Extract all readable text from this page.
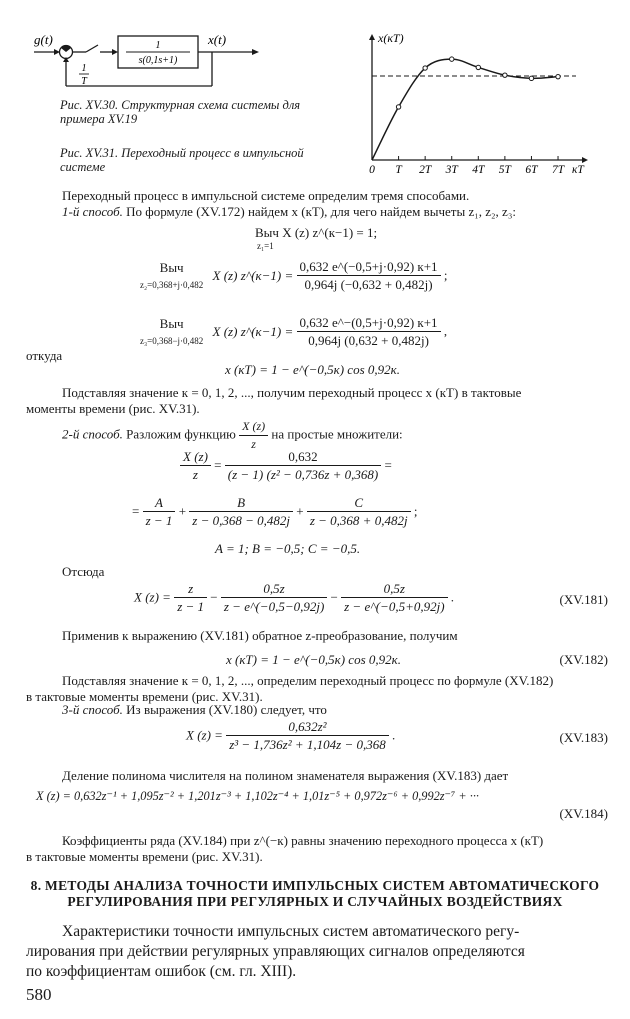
g(t)
1
T
1
s(0,1s+1)
x(t)
Рис. XV.30. Структурная схема системы для
примера XV.19
Рис. XV.31. Переходный процесс в импульсной
системе
x(кТ)
0 T 2T 3T 4T 5T 6T 7T кТ
Переходный процесс в импульсной системе определим тремя способами.
1-й способ. По формуле (XV.172) найдем x (кТ), для чего найдем вычеты z₁, z₂, z₃:
Выч X (z) z^(к−1) = 1;
z₁=1
Выч
z₂=0,368+j·0,482 X (z) z^(к−1) = $\frac{0,632 e\^{}(-0,5+j\cdot 0,92) к+1}{0,964j (-0,632 + 0,482j)}$ ;
Выч
z₃=0,368−j·0,482 X (z) z^(к−1) = $\frac{0,632 e\^{}-(0,5+j\cdot 0,92) к+1}{0,964j (0,632 + 0,482j)}$ ,
откуда
x (кТ) = 1 − e^(−0,5к) cos 0,92к.
Подставляя значение к = 0, 1, 2, ..., получим переходный процесс x (кТ) в тактовые
моменты времени (рис. XV.31).
2-й способ. Разложим функцию $\frac{X (z)}{z}$ на простые множители:
$\frac{X (z)}{z} = \frac{0,632}{\text{(z − 1) (z² − 0,736z + 0,368)}}$ =
= $\frac{A}{z - 1} + \frac{B}{z - 0,368 - 0,482j} + \frac{C}{z - 0,368 + 0,482j}$ ;
A = 1; B = −0,5; C = −0,5.
Отсюда
X $(z) = \frac{z}{z - 1} - \frac{0,5z}{z - e\^{}(-0,5-0,92j)} - \frac{0,5z}{z - e\^{}(-0,5+0,92j)}$ .	(XV.181)
Применив к выражению (XV.181) обратное z-преобразование, получим
x (кТ) = 1 − e^(−0,5к) cos 0,92к.	(XV.182)
Подставляя значение к = 0, 1, 2, ..., определим переходный процесс по формуле (XV.182)
в тактовые моменты времени (рис. XV.31).
3-й способ. Из выражения (XV.180) следует, что
X $(z) = \frac{\text{0,632z²}}{\text{z³ − 1,736z² + 1,104z − 0,368}}$ .	(XV.183)
Деление полинома числителя на полином знаменателя выражения (XV.183) дает
X (z) = 0,632z⁻¹ + 1,095z⁻² + 1,201z⁻³ + 1,102z⁻⁴ + 1,01z⁻⁵ + 0,972z⁻⁶ + 0,992z⁻⁷ + ···
(XV.184)
Коэффициенты ряда (XV.184) при z^(−к) равны значению переходного процесса x (кТ)
в тактовые моменты времени (рис. XV.31).
8. МЕТОДЫ АНАЛИЗА ТОЧНОСТИ ИМПУЛЬСНЫХ СИСТЕМ АВТОМАТИЧЕСКОГО
РЕГУЛИРОВАНИЯ ПРИ РЕГУЛЯРНЫХ И СЛУЧАЙНЫХ ВОЗДЕЙСТВИЯХ
Характеристики точности импульсных систем автоматического регу-
лирования при действии регулярных управляющих сигналов определяются
по коэффициентам ошибок (см. гл. XIII).
580
